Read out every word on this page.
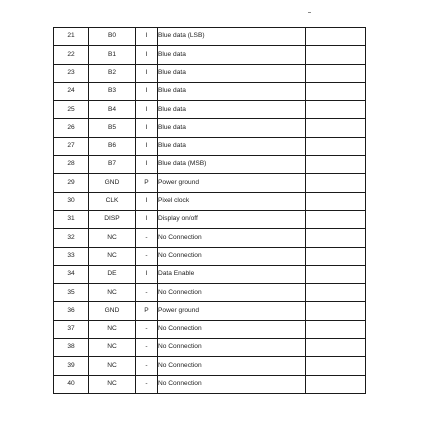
21	B0	I	Blue data (LSB)	
22	B1	I	Blue data	
23	B2	I	Blue data	
24	B3	I	Blue data	
25	B4	I	Blue data	
26	B5	I	Blue data	
27	B6	I	Blue data	
28	B7	I	Blue data (MSB)	
29	GND	P	Power ground	
30	CLK	I	Pixel clock	
31	DISP	I	Display on/off	
32	NC	-	No Connection	
33	NC	-	No Connection	
34	DE	I	Data Enable	
35	NC	-	No Connection	
36	GND	P	Power ground	
37	NC	-	No Connection	
38	NC	-	No Connection	
39	NC	-	No Connection	
40	NC	-	No Connection	
